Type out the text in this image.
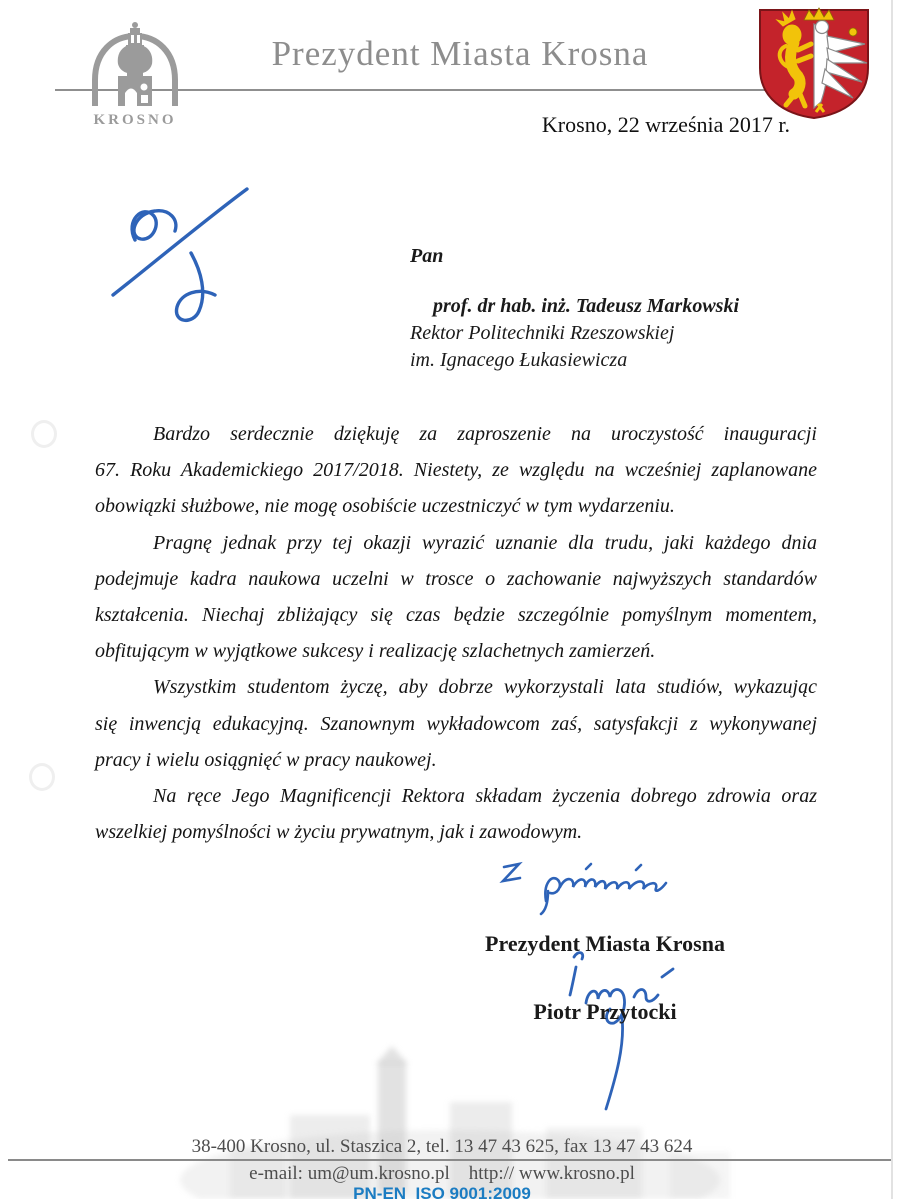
KROSNO
Prezydent Miasta Krosna
Krosno, 22 września 2017 r.
Pan
prof. dr hab. inż. Tadeusz Markowski
Rektor Politechniki Rzeszowskiej
im. Ignacego Łukasiewicza
Bardzo serdecznie dziękuję za zaproszenie na uroczystość inauguracji
67. Roku Akademickiego 2017/2018. Niestety, ze względu na wcześniej zaplanowane
obowiązki służbowe, nie mogę osobiście uczestniczyć w tym wydarzeniu.
Pragnę jednak przy tej okazji wyrazić uznanie dla trudu, jaki każdego dnia
podejmuje kadra naukowa uczelni w trosce o zachowanie najwyższych standardów
kształcenia. Niechaj zbliżający się czas będzie szczególnie pomyślnym momentem,
obfitującym w wyjątkowe sukcesy i realizację szlachetnych zamierzeń.
Wszystkim studentom życzę, aby dobrze wykorzystali lata studiów, wykazując
się inwencją edukacyjną. Szanownym wykładowcom zaś, satysfakcji z wykonywanej
pracy i wielu osiągnięć w pracy naukowej.
Na ręce Jego Magnificencji Rektora składam życzenia dobrego zdrowia oraz
wszelkiej pomyślności w życiu prywatnym, jak i zawodowym.
Prezydent Miasta Krosna
Piotr Przytocki
38-400 Krosno, ul. Staszica 2, tel. 13 47 43 625, fax 13 47 43 624
e-mail: um@um.krosno.pl    http:// www.krosno.pl
PN-EN  ISO 9001:2009
